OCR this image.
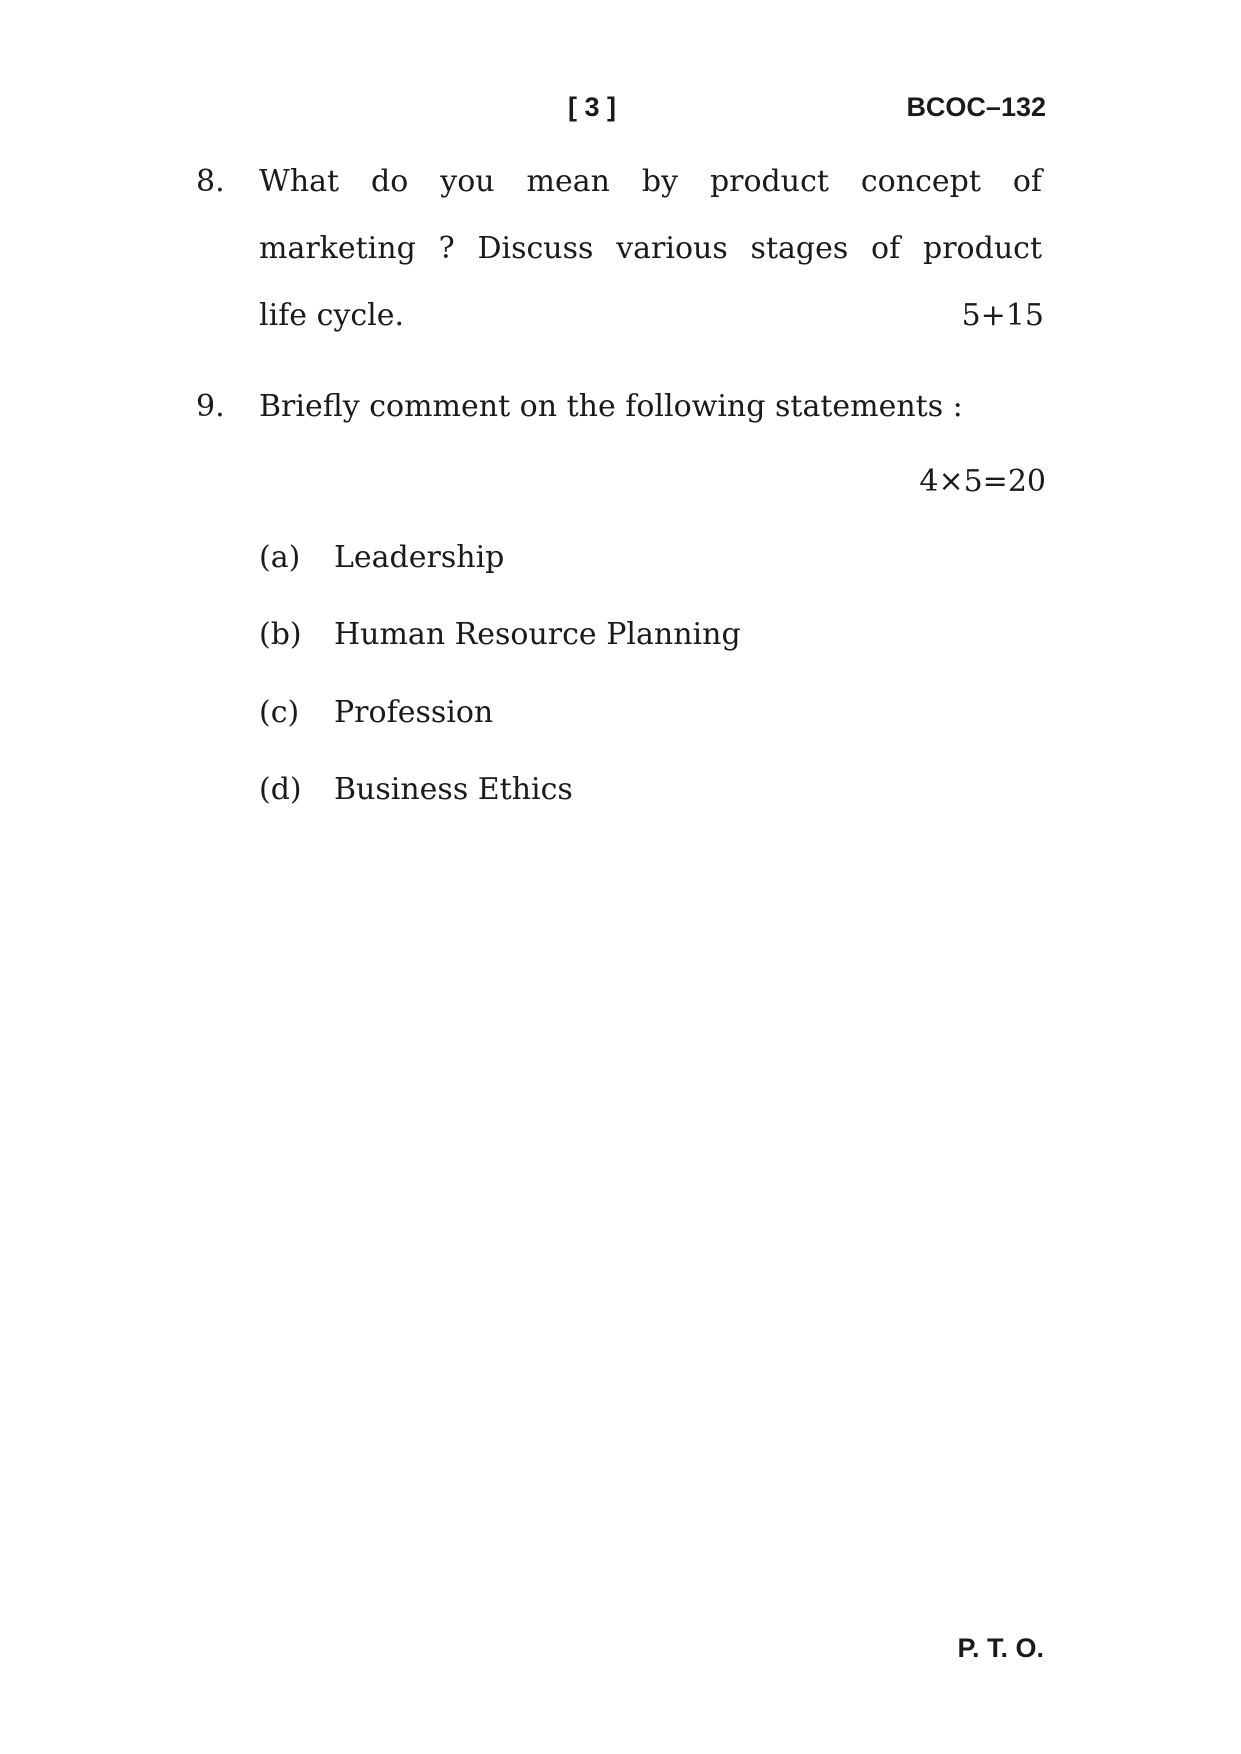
[ 3 ]	BCOC–132
8. What do you mean by product concept of
marketing ? Discuss various stages of product
life cycle.	5+15
9. Briefly comment on the following statements :
4×5=20
(a) Leadership
(b) Human Resource Planning
(c) Profession
(d) Business Ethics
P. T. O.
